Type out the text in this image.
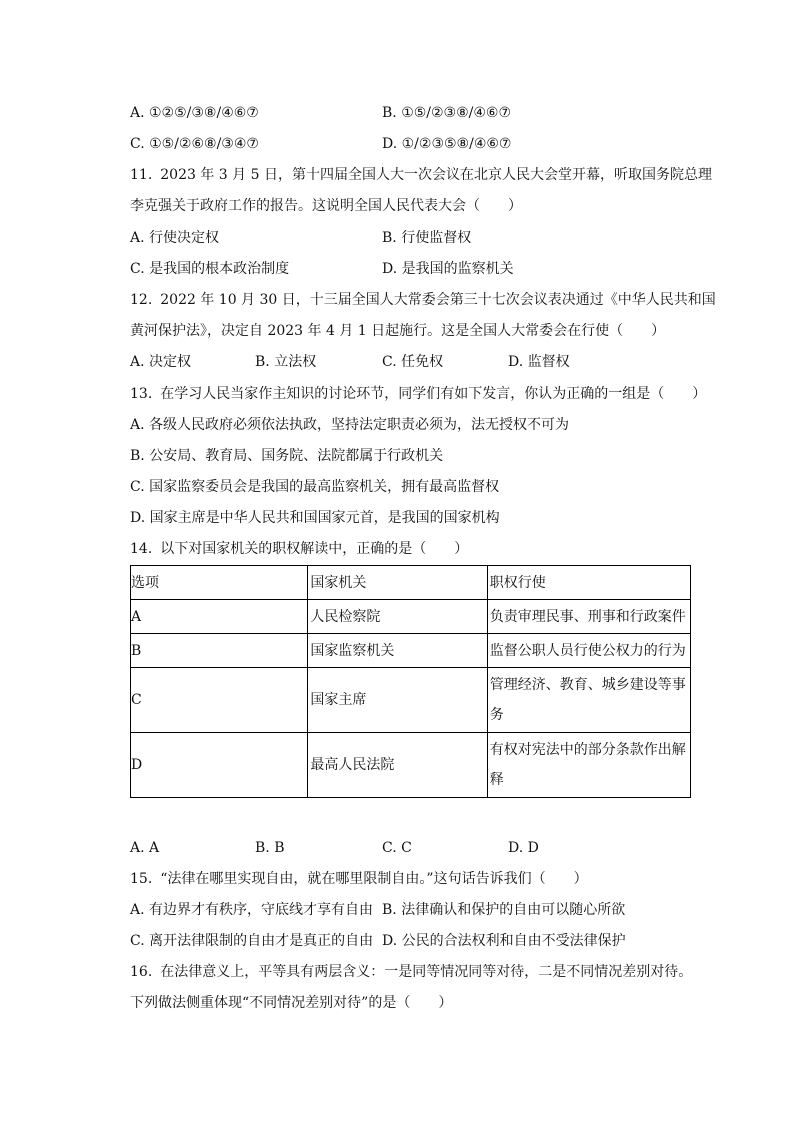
A. ①②⑤/③⑧/④⑥⑦	B. ①⑤/②③⑧/④⑥⑦
C. ①⑤/②⑥⑧/③④⑦	D. ①/②③⑤⑧/④⑥⑦
11. 2023 年 3 月 5 日，第十四届全国人大一次会议在北京人民大会堂开幕，听取国务院总理
李克强关于政府工作的报告。这说明全国人民代表大会（　　）
A. 行使决定权	B. 行使监督权
C. 是我国的根本政治制度	D. 是我国的监察机关
12. 2022 年 10 月 30 日，十三届全国人大常委会第三十七次会议表决通过《中华人民共和国
黄河保护法》，决定自 2023 年 4 月 1 日起施行。这是全国人大常委会在行使（　　）
A. 决定权	B. 立法权	C. 任免权	D. 监督权
13. 在学习人民当家作主知识的讨论环节，同学们有如下发言，你认为正确的一组是（　　）
A. 各级人民政府必须依法执政，坚持法定职责必须为，法无授权不可为
B. 公安局、教育局、国务院、法院都属于行政机关
C. 国家监察委员会是我国的最高监察机关，拥有最高监督权
D. 国家主席是中华人民共和国国家元首，是我国的国家机构
14. 以下对国家机关的职权解读中，正确的是（　　）
选项	国家机关	职权行使
A	人民检察院	负责审理民事、刑事和行政案件
B	国家监察机关	监督公职人员行使公权力的行为
C	国家主席	管理经济、教育、城乡建设等事务

D	最高人民法院	有权对宪法中的部分条款作出解释
A. A	B. B	C. C	D. D
15. “法律在哪里实现自由，就在哪里限制自由。”这句话告诉我们（　　）
A. 有边界才有秩序，守底线才享有自由 B. 法律确认和保护的自由可以随心所欲
C. 离开法律限制的自由才是真正的自由 D. 公民的合法权利和自由不受法律保护
16. 在法律意义上，平等具有两层含义：一是同等情况同等对待，二是不同情况差别对待。
下列做法侧重体现“不同情况差别对待”的是（　　）
